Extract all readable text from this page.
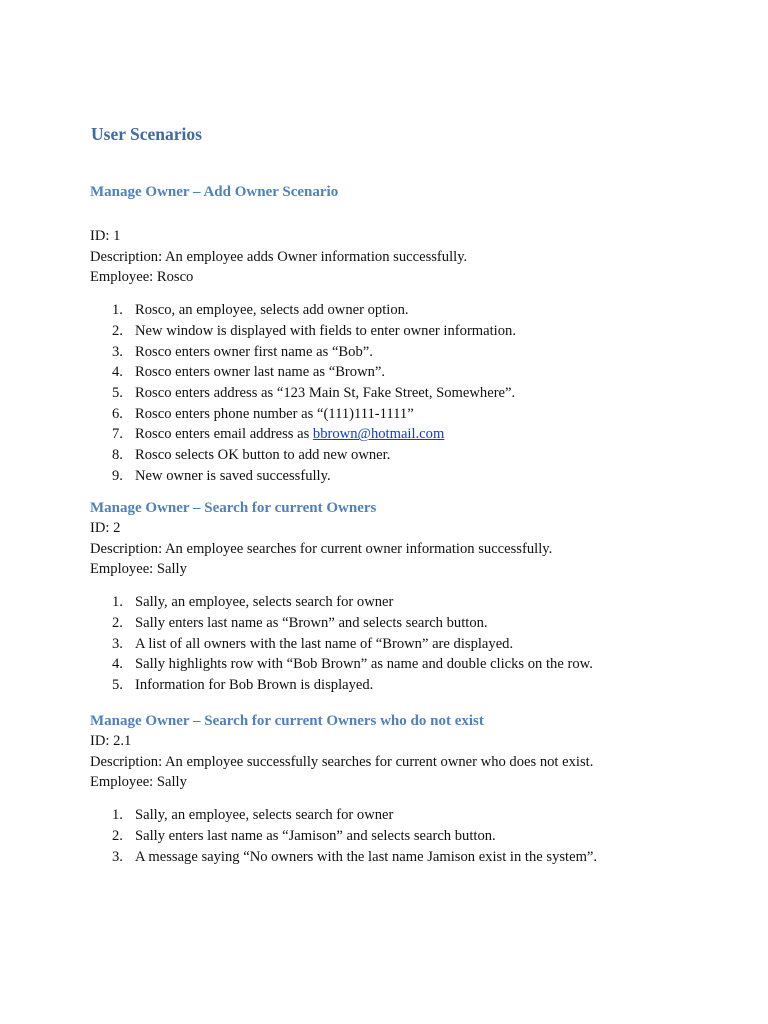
User Scenarios
Manage Owner – Add Owner Scenario

ID: 1

Description: An employee adds Owner information successfully.

Employee: Rosco

1. Rosco, an employee, selects add owner option.
2. New window is displayed with fields to enter owner information.
3. Rosco enters owner first name as “Bob”.
4. Rosco enters owner last name as “Brown”.
5. Rosco enters address as “123 Main St, Fake Street, Somewhere”.
6. Rosco enters phone number as “(111)111-1111”
7. Rosco enters email address as bbrown@hotmail.com
8. Rosco selects OK button to add new owner.
9. New owner is saved successfully.
Manage Owner – Search for current Owners

ID: 2

Description: An employee searches for current owner information successfully.

Employee: Sally

1. Sally, an employee, selects search for owner
2. Sally enters last name as “Brown” and selects search button.
3. A list of all owners with the last name of “Brown” are displayed.
4. Sally highlights row with “Bob Brown” as name and double clicks on the row.
5. Information for Bob Brown is displayed.
Manage Owner – Search for current Owners who do not exist

ID: 2.1

Description: An employee successfully searches for current owner who does not exist.

Employee: Sally

1. Sally, an employee, selects search for owner
2. Sally enters last name as “Jamison” and selects search button.
3. A message saying “No owners with the last name Jamison exist in the system”.
